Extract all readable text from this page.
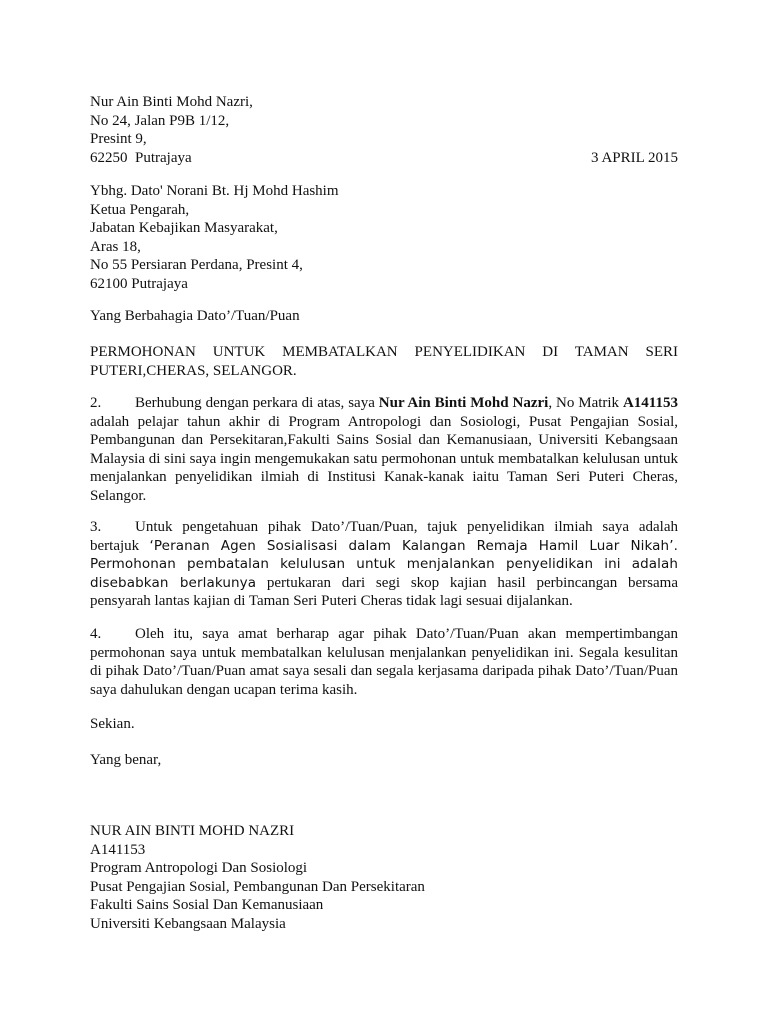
Nur Ain Binti Mohd Nazri,
No 24, Jalan P9B 1/12,
Presint 9,
62250  Putrajaya	3 APRIL 2015
Ybhg. Dato' Norani Bt. Hj Mohd Hashim
Ketua Pengarah,
Jabatan Kebajikan Masyarakat,
Aras 18,
No 55 Persiaran Perdana, Presint 4,
62100 Putrajaya
Yang Berbahagia Dato’/Tuan/Puan

PERMOHONAN UNTUK MEMBATALKAN PENYELIDIKAN DI TAMAN SERI PUTERI,CHERAS, SELANGOR.

2. Berhubung dengan perkara di atas, saya Nur Ain Binti Mohd Nazri, No Matrik A141153 adalah pelajar tahun akhir di Program Antropologi dan Sosiologi, Pusat Pengajian Sosial, Pembangunan dan Persekitaran,Fakulti Sains Sosial dan Kemanusiaan, Universiti Kebangsaan Malaysia di sini saya ingin mengemukakan satu permohonan untuk membatalkan kelulusan untuk menjalankan penyelidikan ilmiah di Institusi Kanak-kanak iaitu Taman Seri Puteri Cheras, Selangor.

3. Untuk pengetahuan pihak Dato’/Tuan/Puan, tajuk penyelidikan ilmiah saya adalah bertajuk ‘Peranan Agen Sosialisasi dalam Kalangan Remaja Hamil Luar Nikah’. Permohonan pembatalan kelulusan untuk menjalankan penyelidikan ini adalah disebabkan berlakunya pertukaran dari segi skop kajian hasil perbincangan bersama pensyarah lantas kajian di Taman Seri Puteri Cheras tidak lagi sesuai dijalankan.

4. Oleh itu, saya amat berharap agar pihak Dato’/Tuan/Puan akan mempertimbangan permohonan saya untuk membatalkan kelulusan menjalankan penyelidikan ini. Segala kesulitan di pihak Dato’/Tuan/Puan amat saya sesali dan segala kerjasama daripada pihak Dato’/Tuan/Puan saya dahulukan dengan ucapan terima kasih.

Sekian.
Yang benar,
NUR AIN BINTI MOHD NAZRI
A141153
Program Antropologi Dan Sosiologi
Pusat Pengajian Sosial, Pembangunan Dan Persekitaran
Fakulti Sains Sosial Dan Kemanusiaan
Universiti Kebangsaan Malaysia
